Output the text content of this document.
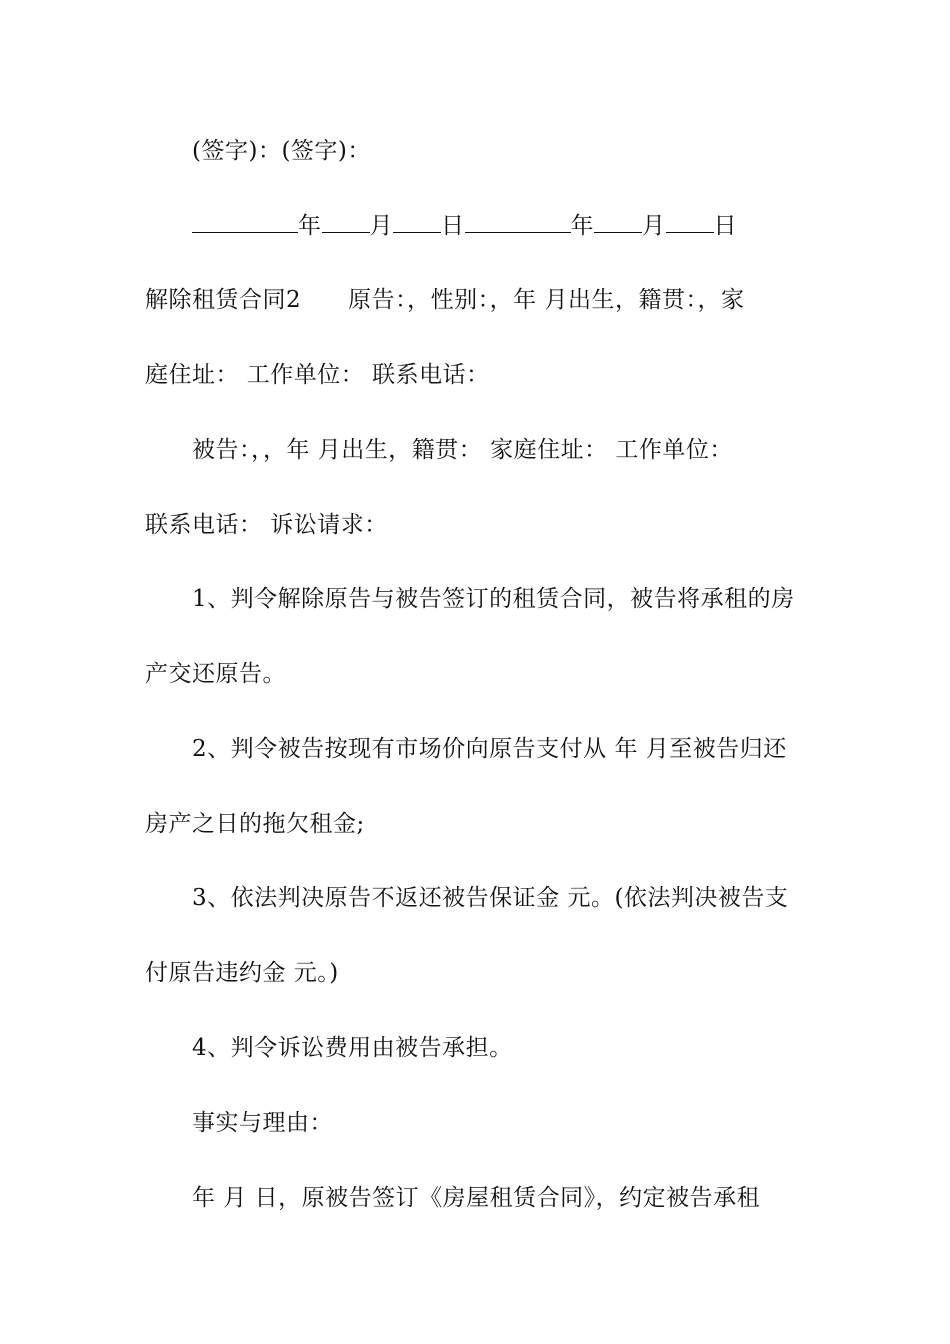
(签字)：(签字)：
年 月 日	年 月 日
解除租赁合同2　　原告：，性别：，年 月出生，籍贯：，家
庭住址： 工作单位： 联系电话：
被告：，，年 月出生，籍贯： 家庭住址： 工作单位：
联系电话： 诉讼请求：
1、判令解除原告与被告签订的租赁合同，被告将承租的房
产交还原告。
2、判令被告按现有市场价向原告支付从 年 月至被告归还
房产之日的拖欠租金;
3、依法判决原告不返还被告保证金 元。(依法判决被告支
付原告违约金 元。)
4、判令诉讼费用由被告承担。
事实与理由：
年 月 日，原被告签订《房屋租赁合同》，约定被告承租
